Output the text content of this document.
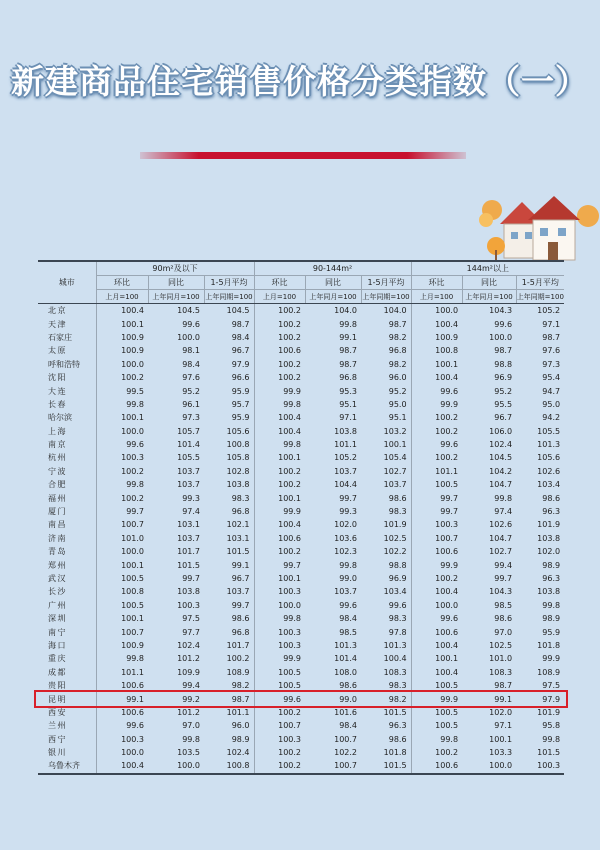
新建商品住宅销售价格分类指数（一）
城市	90m²及以下			90-144m²			144m²以上		
	环比	同比	1-5月平均	环比	同比	1-5月平均	环比	同比	1-5月平均
	上月=100	上年同月=100	上年同期=100	上月=100	上年同月=100	上年同期=100	上月=100	上年同月=100	上年同期=100
北京	100.4	104.5	104.5	100.2	104.0	104.0	100.0	104.3	105.2
天津	100.1	99.6	98.7	100.2	99.8	98.7	100.4	99.6	97.1
石家庄	100.9	100.0	98.4	100.2	99.1	98.2	100.9	100.0	98.7
太原	100.9	98.1	96.7	100.6	98.7	96.8	100.8	98.7	97.6
呼和浩特	100.0	98.4	97.9	100.2	98.7	98.2	100.1	98.8	97.3
沈阳	100.2	97.6	96.6	100.2	96.8	96.0	100.4	96.9	95.4
大连	99.5	95.2	95.9	99.9	95.3	95.2	99.6	95.2	94.7
长春	99.8	96.1	95.7	99.8	95.1	95.0	99.9	95.5	95.0
哈尔滨	100.1	97.3	95.9	100.4	97.1	95.1	100.2	96.7	94.2
上海	100.0	105.7	105.6	100.4	103.8	103.2	100.2	106.0	105.5
南京	99.6	101.4	100.8	99.8	101.1	100.1	99.6	102.4	101.3
杭州	100.3	105.5	105.8	100.1	105.2	105.4	100.2	104.5	105.6
宁波	100.2	103.7	102.8	100.2	103.7	102.7	101.1	104.2	102.6
合肥	99.8	103.7	103.8	100.2	104.4	103.7	100.5	104.7	103.4
福州	100.2	99.3	98.3	100.1	99.7	98.6	99.7	99.8	98.6
厦门	99.7	97.4	96.8	99.9	99.3	98.3	99.7	97.4	96.3
南昌	100.7	103.1	102.1	100.4	102.0	101.9	100.3	102.6	101.9
济南	101.0	103.7	103.1	100.6	103.6	102.5	100.7	104.7	103.8
青岛	100.0	101.7	101.5	100.2	102.3	102.2	100.6	102.7	102.0
郑州	100.1	101.5	99.1	99.7	99.8	98.8	99.9	99.4	98.9
武汉	100.5	99.7	96.7	100.1	99.0	96.9	100.2	99.7	96.3
长沙	100.8	103.8	103.7	100.3	103.7	103.4	100.4	104.3	103.8
广州	100.5	100.3	99.7	100.0	99.6	99.6	100.0	98.5	99.8
深圳	100.1	97.5	98.6	99.8	98.4	98.3	99.6	98.6	98.9
南宁	100.7	97.7	96.8	100.3	98.5	97.8	100.6	97.0	95.9
海口	100.9	102.4	101.7	100.3	101.3	101.3	100.4	102.5	101.8
重庆	99.8	101.2	100.2	99.9	101.4	100.4	100.1	101.0	99.9
成都	101.1	109.9	108.9	100.5	108.0	108.3	100.4	108.3	108.9
贵阳	100.6	99.4	98.2	100.5	98.6	98.3	100.5	98.7	97.5
昆明	99.1	99.2	98.7	99.6	99.0	98.2	99.9	99.1	97.9
西安	100.6	101.2	101.1	100.2	101.6	101.5	100.5	102.0	101.9
兰州	99.6	97.0	96.0	100.7	98.4	96.3	100.5	97.1	95.8
西宁	100.3	99.8	98.9	100.3	100.7	98.6	99.8	100.1	99.8
银川	100.0	103.5	102.4	100.2	102.2	101.8	100.2	103.3	101.5
乌鲁木齐	100.4	100.0	100.8	100.2	100.7	101.5	100.6	100.0	100.3
